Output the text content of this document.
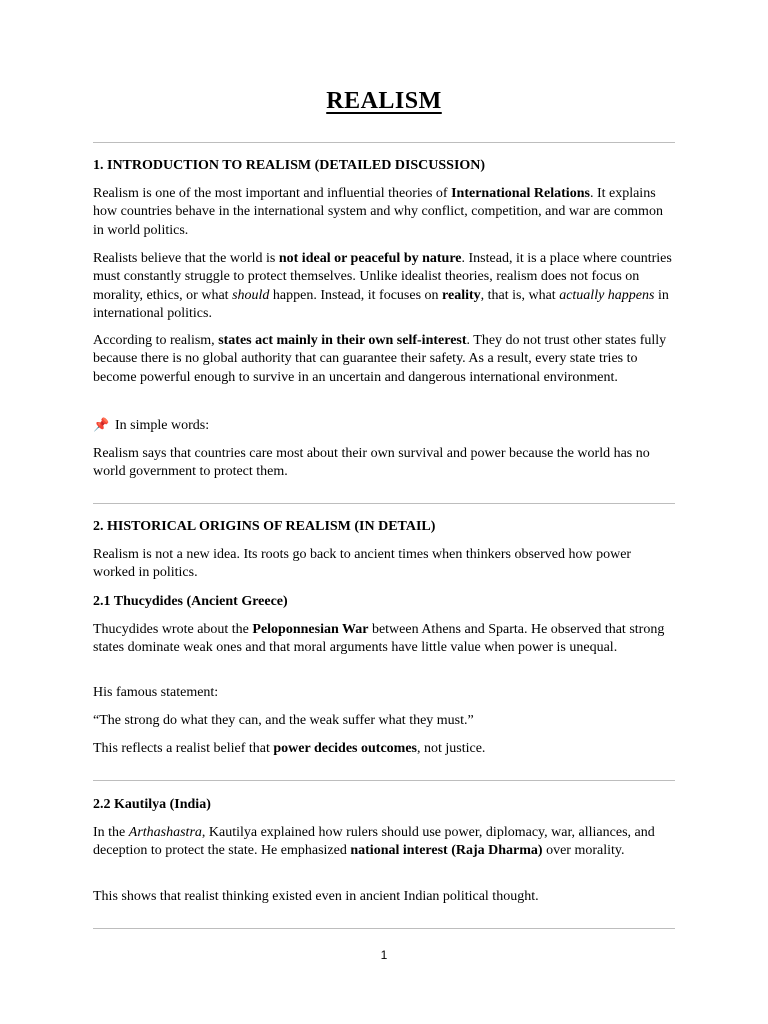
REALISM

1. INTRODUCTION TO REALISM (DETAILED DISCUSSION)

Realism is one of the most important and influential theories of International Relations. It explains how countries behave in the international system and why conflict, competition, and war are common in world politics.

Realists believe that the world is not ideal or peaceful by nature. Instead, it is a place where countries must constantly struggle to protect themselves. Unlike idealist theories, realism does not focus on morality, ethics, or what should happen. Instead, it focuses on reality, that is, what actually happens in international politics.

According to realism, states act mainly in their own self-interest. They do not trust other states fully because there is no global authority that can guarantee their safety. As a result, every state tries to become powerful enough to survive in an uncertain and dangerous international environment.

📌 In simple words:

Realism says that countries care most about their own survival and power because the world has no world government to protect them.

2. HISTORICAL ORIGINS OF REALISM (IN DETAIL)

Realism is not a new idea. Its roots go back to ancient times when thinkers observed how power worked in politics.

2.1 Thucydides (Ancient Greece)

Thucydides wrote about the Peloponnesian War between Athens and Sparta. He observed that strong states dominate weak ones and that moral arguments have little value when power is unequal.

His famous statement:

“The strong do what they can, and the weak suffer what they must.”

This reflects a realist belief that power decides outcomes, not justice.

2.2 Kautilya (India)

In the Arthashastra, Kautilya explained how rulers should use power, diplomacy, war, alliances, and deception to protect the state. He emphasized national interest (Raja Dharma) over morality.

This shows that realist thinking existed even in ancient Indian political thought.

1
